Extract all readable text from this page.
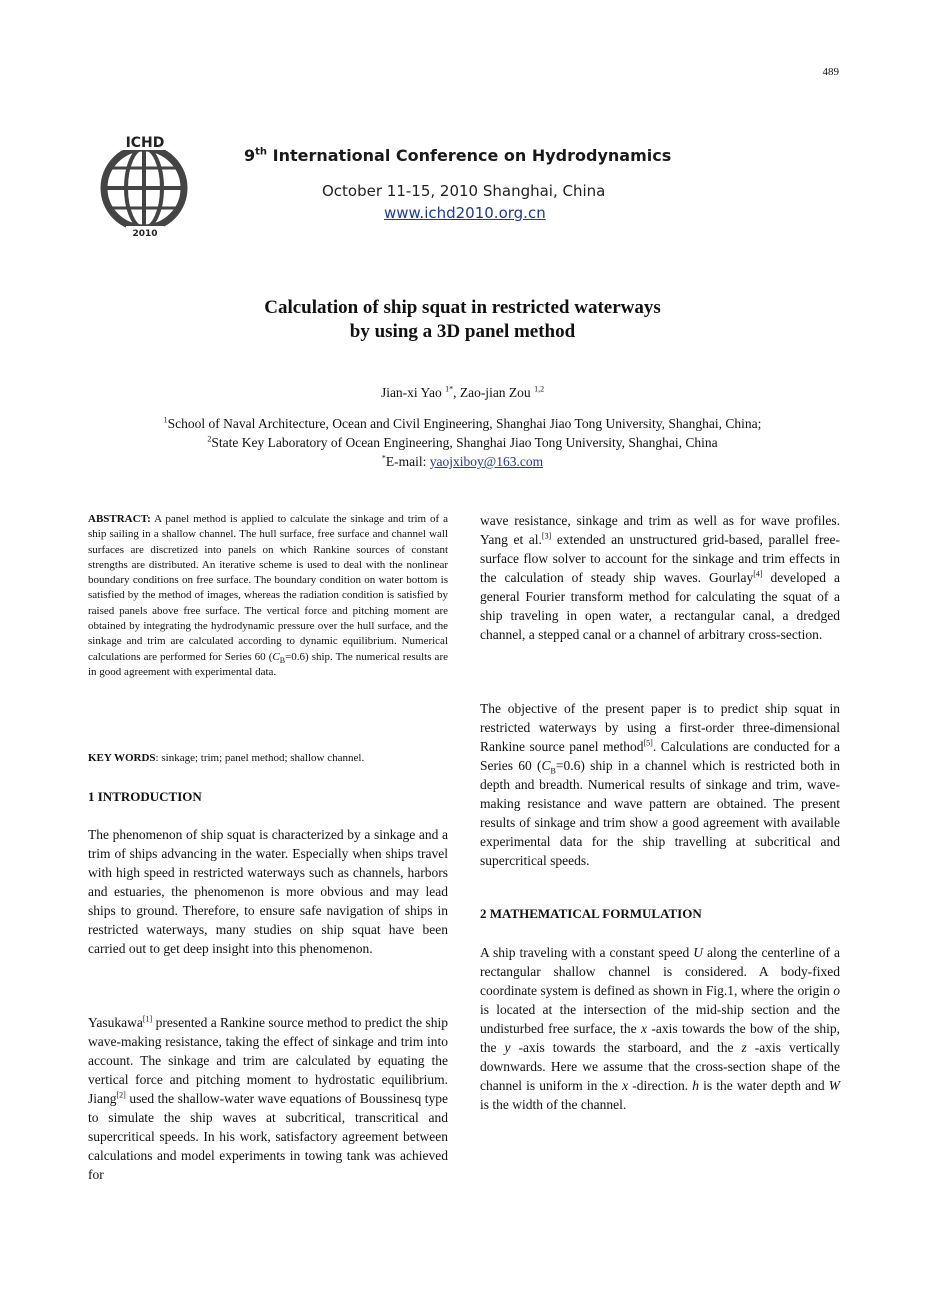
489
ICHD
2010
9th International Conference on Hydrodynamics
October 11-15, 2010 Shanghai, China
www.ichd2010.org.cn
Calculation of ship squat in restricted waterways
by using a 3D panel method
Jian-xi Yao $^{1*}$, Zao-jian Zou $^{1,2}$
$^1$School of Naval Architecture, Ocean and Civil Engineering, Shanghai Jiao Tong University, Shanghai, China;
$^2$State Key Laboratory of Ocean Engineering, Shanghai Jiao Tong University, Shanghai, China
*E-mail: yaojxiboy@163.com
ABSTRACT: A panel method is applied to calculate the sinkage and trim of a ship sailing in a shallow channel. The hull surface, free surface and channel wall surfaces are discretized into panels on which Rankine sources of constant strengths are distributed. An iterative scheme is used to deal with the nonlinear boundary conditions on free surface. The boundary condition on water bottom is satisfied by the method of images, whereas the radiation condition is satisfied by raised panels above free surface. The vertical force and pitching moment are obtained by integrating the hydrodynamic pressure over the hull surface, and the sinkage and trim are calculated according to dynamic equilibrium. Numerical calculations are performed for Series 60 $(C_B=0.6)$ ship. The numerical results are in good agreement with experimental data.
KEY WORDS: sinkage; trim; panel method; shallow channel.
1 INTRODUCTION
The phenomenon of ship squat is characterized by a sinkage and a trim of ships advancing in the water. Especially when ships travel with high speed in restricted waterways such as channels, harbors and estuaries, the phenomenon is more obvious and may lead ships to ground. Therefore, to ensure safe navigation of ships in restricted waterways, many studies on ship squat have been carried out to get deep insight into this phenomenon.
Yasukawa[1] presented a Rankine source method to predict the ship wave-making resistance, taking the effect of sinkage and trim into account. The sinkage and trim are calculated by equating the vertical force and pitching moment to hydrostatic equilibrium. Jiang[2] used the shallow-water wave equations of Boussinesq type to simulate the ship waves at subcritical, transcritical and supercritical speeds. In his work, satisfactory agreement between calculations and model experiments in towing tank was achieved for
wave resistance, sinkage and trim as well as for wave profiles. Yang et al.[3] extended an unstructured grid-based, parallel free-surface flow solver to account for the sinkage and trim effects in the calculation of steady ship waves. Gourlay[4] developed a general Fourier transform method for calculating the squat of a ship traveling in open water, a rectangular canal, a dredged channel, a stepped canal or a channel of arbitrary cross-section.
The objective of the present paper is to predict ship squat in restricted waterways by using a first-order three-dimensional Rankine source panel method[5]. Calculations are conducted for a Series 60 $(C_B=0.6)$ ship in a channel which is restricted both in depth and breadth. Numerical results of sinkage and trim, wave-making resistance and wave pattern are obtained. The present results of sinkage and trim show a good agreement with available experimental data for the ship travelling at subcritical and supercritical speeds.
2 MATHEMATICAL FORMULATION
A ship traveling with a constant speed U along the centerline of a rectangular shallow channel is considered. A body-fixed coordinate system is defined as shown in Fig.1, where the origin o is located at the intersection of the mid-ship section and the undisturbed free surface, the x -axis towards the bow of the ship, the y -axis towards the starboard, and the z -axis vertically downwards. Here we assume that the cross-section shape of the channel is uniform in the x -direction. h is the water depth and W is the width of the channel.
